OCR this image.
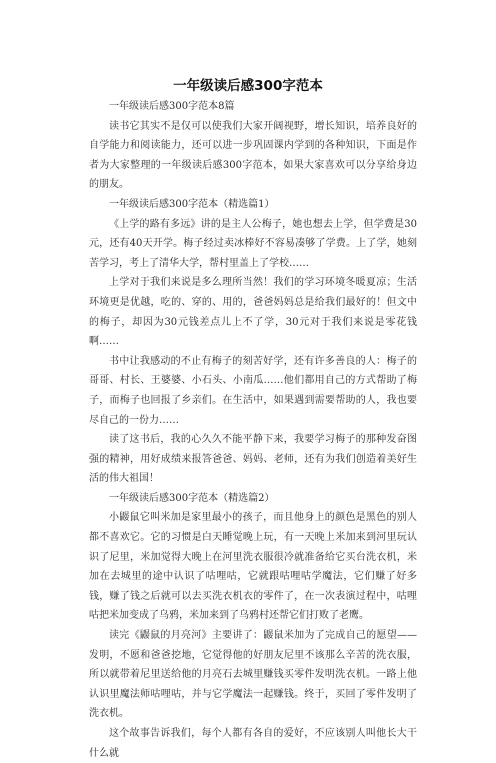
一年级读后感300字范本

一年级读后感300字范本8篇

读书它其实不是仅可以使我们大家开阔视野，增长知识，培养良好的自学能力和阅读能力，还可以进一步巩固课内学到的各种知识，下面是作者为大家整理的一年级读后感300字范本，如果大家喜欢可以分享给身边的朋友。

一年级读后感300字范本（精选篇1）

《上学的路有多远》讲的是主人公梅子，她也想去上学，但学费是30元，还有40天开学。梅子经过卖冰棒好不容易凑够了学费。上了学，她刻苦学习，考上了清华大学，帮村里盖上了学校……

上学对于我们来说是多么理所当然！我们的学习环境冬暖夏凉；生活环境更是优越，吃的、穿的、用的，爸爸妈妈总是给我们最好的！但文中的梅子，却因为30元钱差点儿上不了学，30元对于我们来说是零花钱啊……

书中让我感动的不止有梅子的刻苦好学，还有许多善良的人：梅子的哥哥、村长、王婆婆、小石头、小南瓜……他们都用自己的方式帮助了梅子，而梅子也回报了乡亲们。在生活中，如果遇到需要帮助的人，我也要尽自己的一份力……

读了这书后，我的心久久不能平静下来，我要学习梅子的那种发奋图强的精神，用好成绩来报答爸爸、妈妈、老师，还有为我们创造着美好生活的伟大祖国！

一年级读后感300字范本（精选篇2）

小鼹鼠它叫米加是家里最小的孩子，而且他身上的颜色是黑色的别人都不喜欢它。它的习惯是白天睡觉晚上玩，有一天晚上米加来到河里玩认识了尼里，米加觉得大晚上在河里洗衣服很冷就准备给它买台洗衣机，米加在去城里的途中认识了咕哩咕，它就跟咕哩咕学魔法，它们赚了好多钱，赚了钱之后就可以去买洗衣机衣的零件了，在一次表演过程中，咕哩咕把米加变成了乌鸦，米加来到了乌鸦村还帮它们打败了老鹰。

读完《鼹鼠的月亮河》主要讲了：鼹鼠米加为了完成自己的愿望——发明，不愿和爸爸挖地，它觉得他的好朋友尼里不该那么辛苦的洗衣服，所以就带着尼里送给他的月亮石去城里赚钱买零件发明洗衣机。一路上他认识里魔法师咕哩咕，并与它学魔法一起赚钱。终于，买回了零件发明了洗衣机。

这个故事告诉我们，每个人都有各自的爱好，不应该别人叫他长大干什么就
